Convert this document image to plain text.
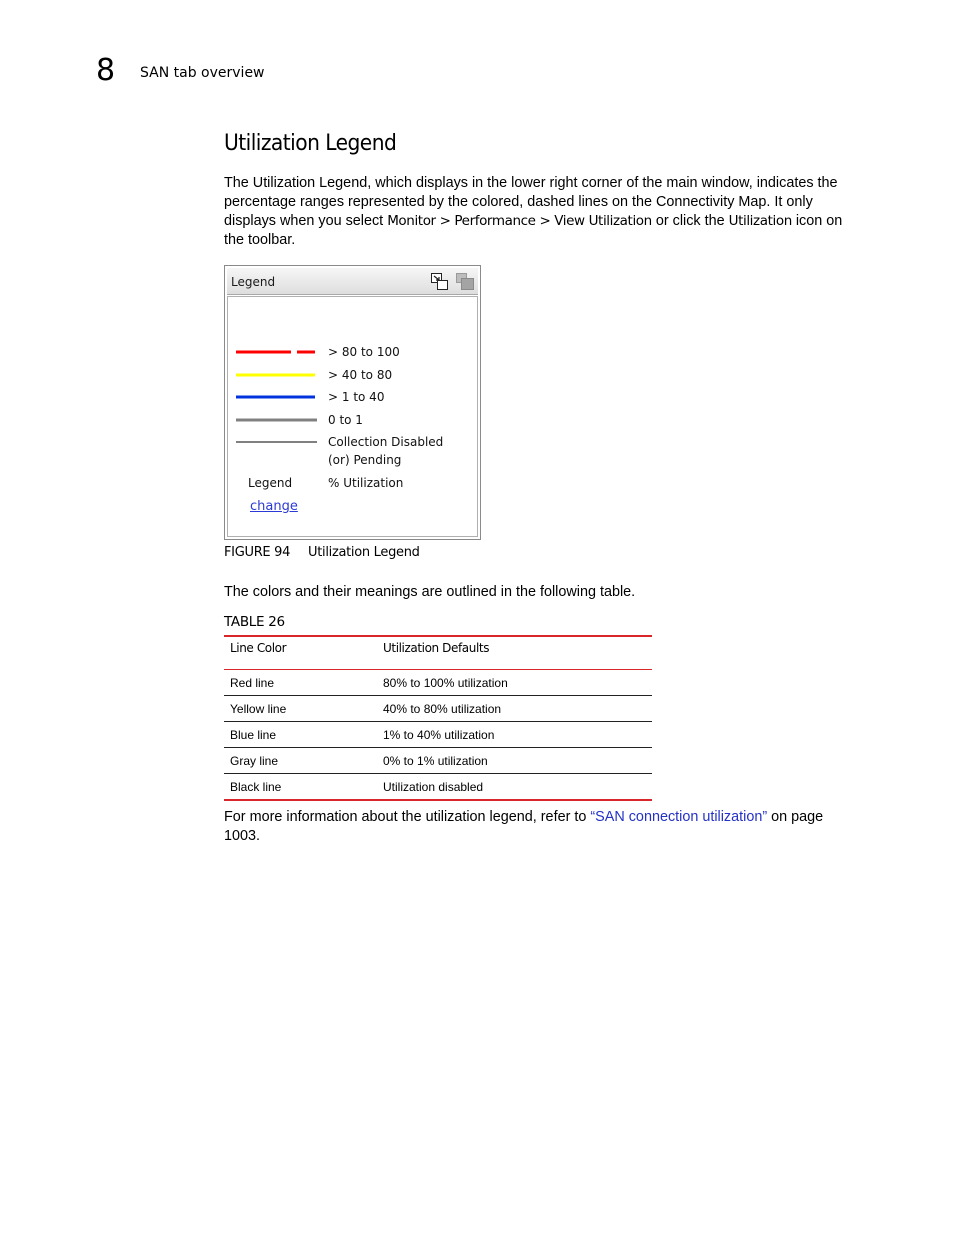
8 SAN tab overview
Utilization Legend

The Utilization Legend, which displays in the lower right corner of the main window, indicates the percentage ranges represented by the colored, dashed lines on the Connectivity Map. It only displays when you select Monitor > Performance > View Utilization or click the Utilization icon on the toolbar.

Legend
> 80 to 100
> 40 to 80
> 1 to 40
0 to 1
Collection Disabled (or) Pending
Legend	% Utilization
change
FIGURE 94 Utilization Legend

The colors and their meanings are outlined in the following table.

TABLE 26
Line Color	Utilization Defaults
Red line	80% to 100% utilization
Yellow line	40% to 80% utilization
Blue line	1% to 40% utilization
Gray line	0% to 1% utilization
Black line	Utilization disabled

For more information about the utilization legend, refer to “SAN connection utilization” on page 1003.
